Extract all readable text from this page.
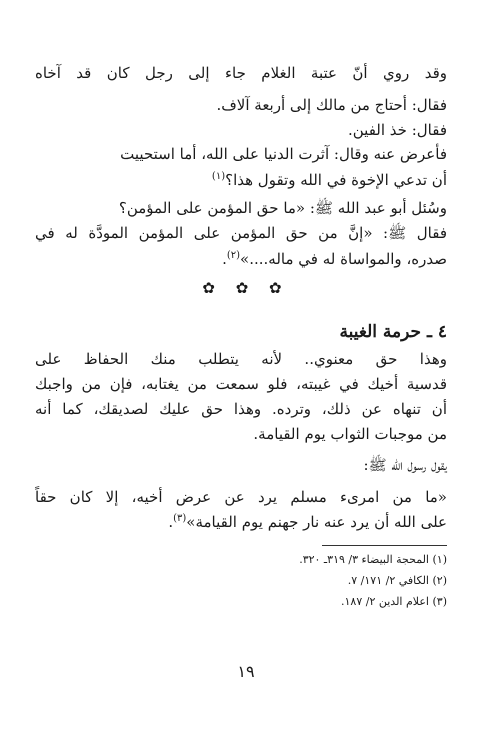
وقد روي أنّ عتبة الغلام جاء إلى رجل كان قد آخاه
فقال: أحتاج من مالك إلى أربعة آلاف.
فقال: خذ الفين.
فأعرض عنه وقال: آثرت الدنيا على الله، أما استحييت
أن تدعي الإخوة في الله وتقول هذا؟$^{(١)}$
وسُئل أبو عبد الله ﷺ: «ما حق المؤمن على المؤمن؟
فقال ﷺ: «إنَّ من حق المؤمن على المؤمن المودَّة له في
صدره، والمواساة له في ماله....»$^{(٢)}$.
✿ ✿ ✿
٤ ـ حرمة الغيبة
وهذا حق معنوي.. لأنه يتطلب منك الحفاظ على
قدسية أخيك في غيبته، فلو سمعت من يغتابه، فإن من واجبك
أن تنهاه عن ذلك، وترده. وهذا حق عليك لصديقك، كما أنه
من موجبات الثواب يوم القيامة.
يقول رسول الله ﷺ:
«ما من امرىء مسلم يرد عن عرض أخيه، إلا كان حقاً
على الله أن يرد عنه نار جهنم يوم القيامة»$^{(٣)}$.
(١) المحجة البيضاء ٣/ ٣١٩ـ ٣٢٠.
(٢) الكافي ٢/ ١٧١/ ٧.
(٣) اعلام الدين ٢/ ١٨٧.
١٩
